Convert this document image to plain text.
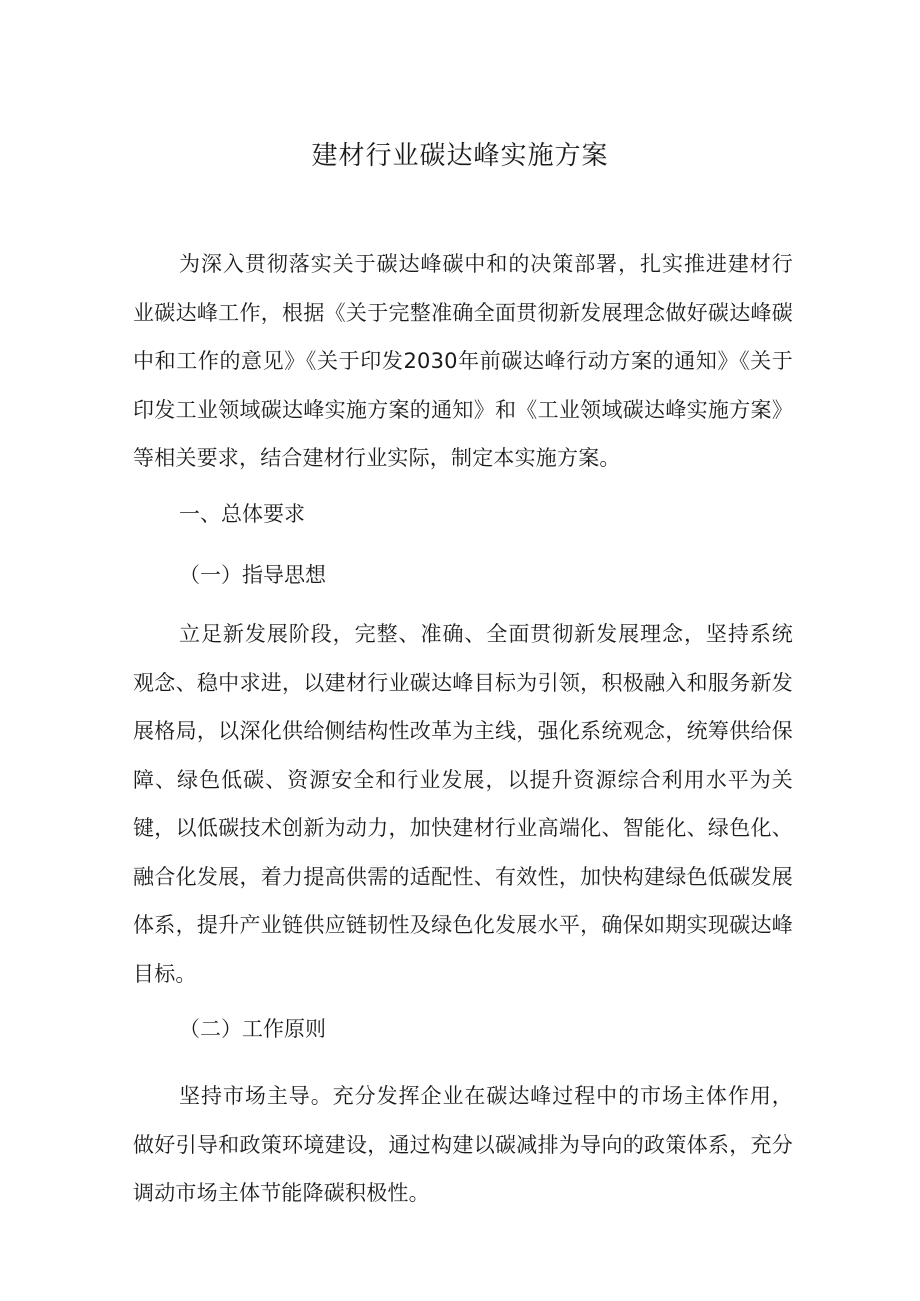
建材行业碳达峰实施方案

为深入贯彻落实关于碳达峰碳中和的决策部署，扎实推进建材行业碳达峰工作，根据《关于完整准确全面贯彻新发展理念做好碳达峰碳中和工作的意见》《关于印发2030年前碳达峰行动方案的通知》《关于印发工业领域碳达峰实施方案的通知》和《工业领域碳达峰实施方案》等相关要求，结合建材行业实际，制定本实施方案。

一、总体要求

（一）指导思想

立足新发展阶段，完整、准确、全面贯彻新发展理念，坚持系统观念、稳中求进，以建材行业碳达峰目标为引领，积极融入和服务新发展格局，以深化供给侧结构性改革为主线，强化系统观念，统筹供给保障、绿色低碳、资源安全和行业发展，以提升资源综合利用水平为关键，以低碳技术创新为动力，加快建材行业高端化、智能化、绿色化、融合化发展，着力提高供需的适配性、有效性，加快构建绿色低碳发展体系，提升产业链供应链韧性及绿色化发展水平，确保如期实现碳达峰目标。

（二）工作原则

坚持市场主导。充分发挥企业在碳达峰过程中的市场主体作用，做好引导和政策环境建设，通过构建以碳减排为导向的政策体系，充分调动市场主体节能降碳积极性。
